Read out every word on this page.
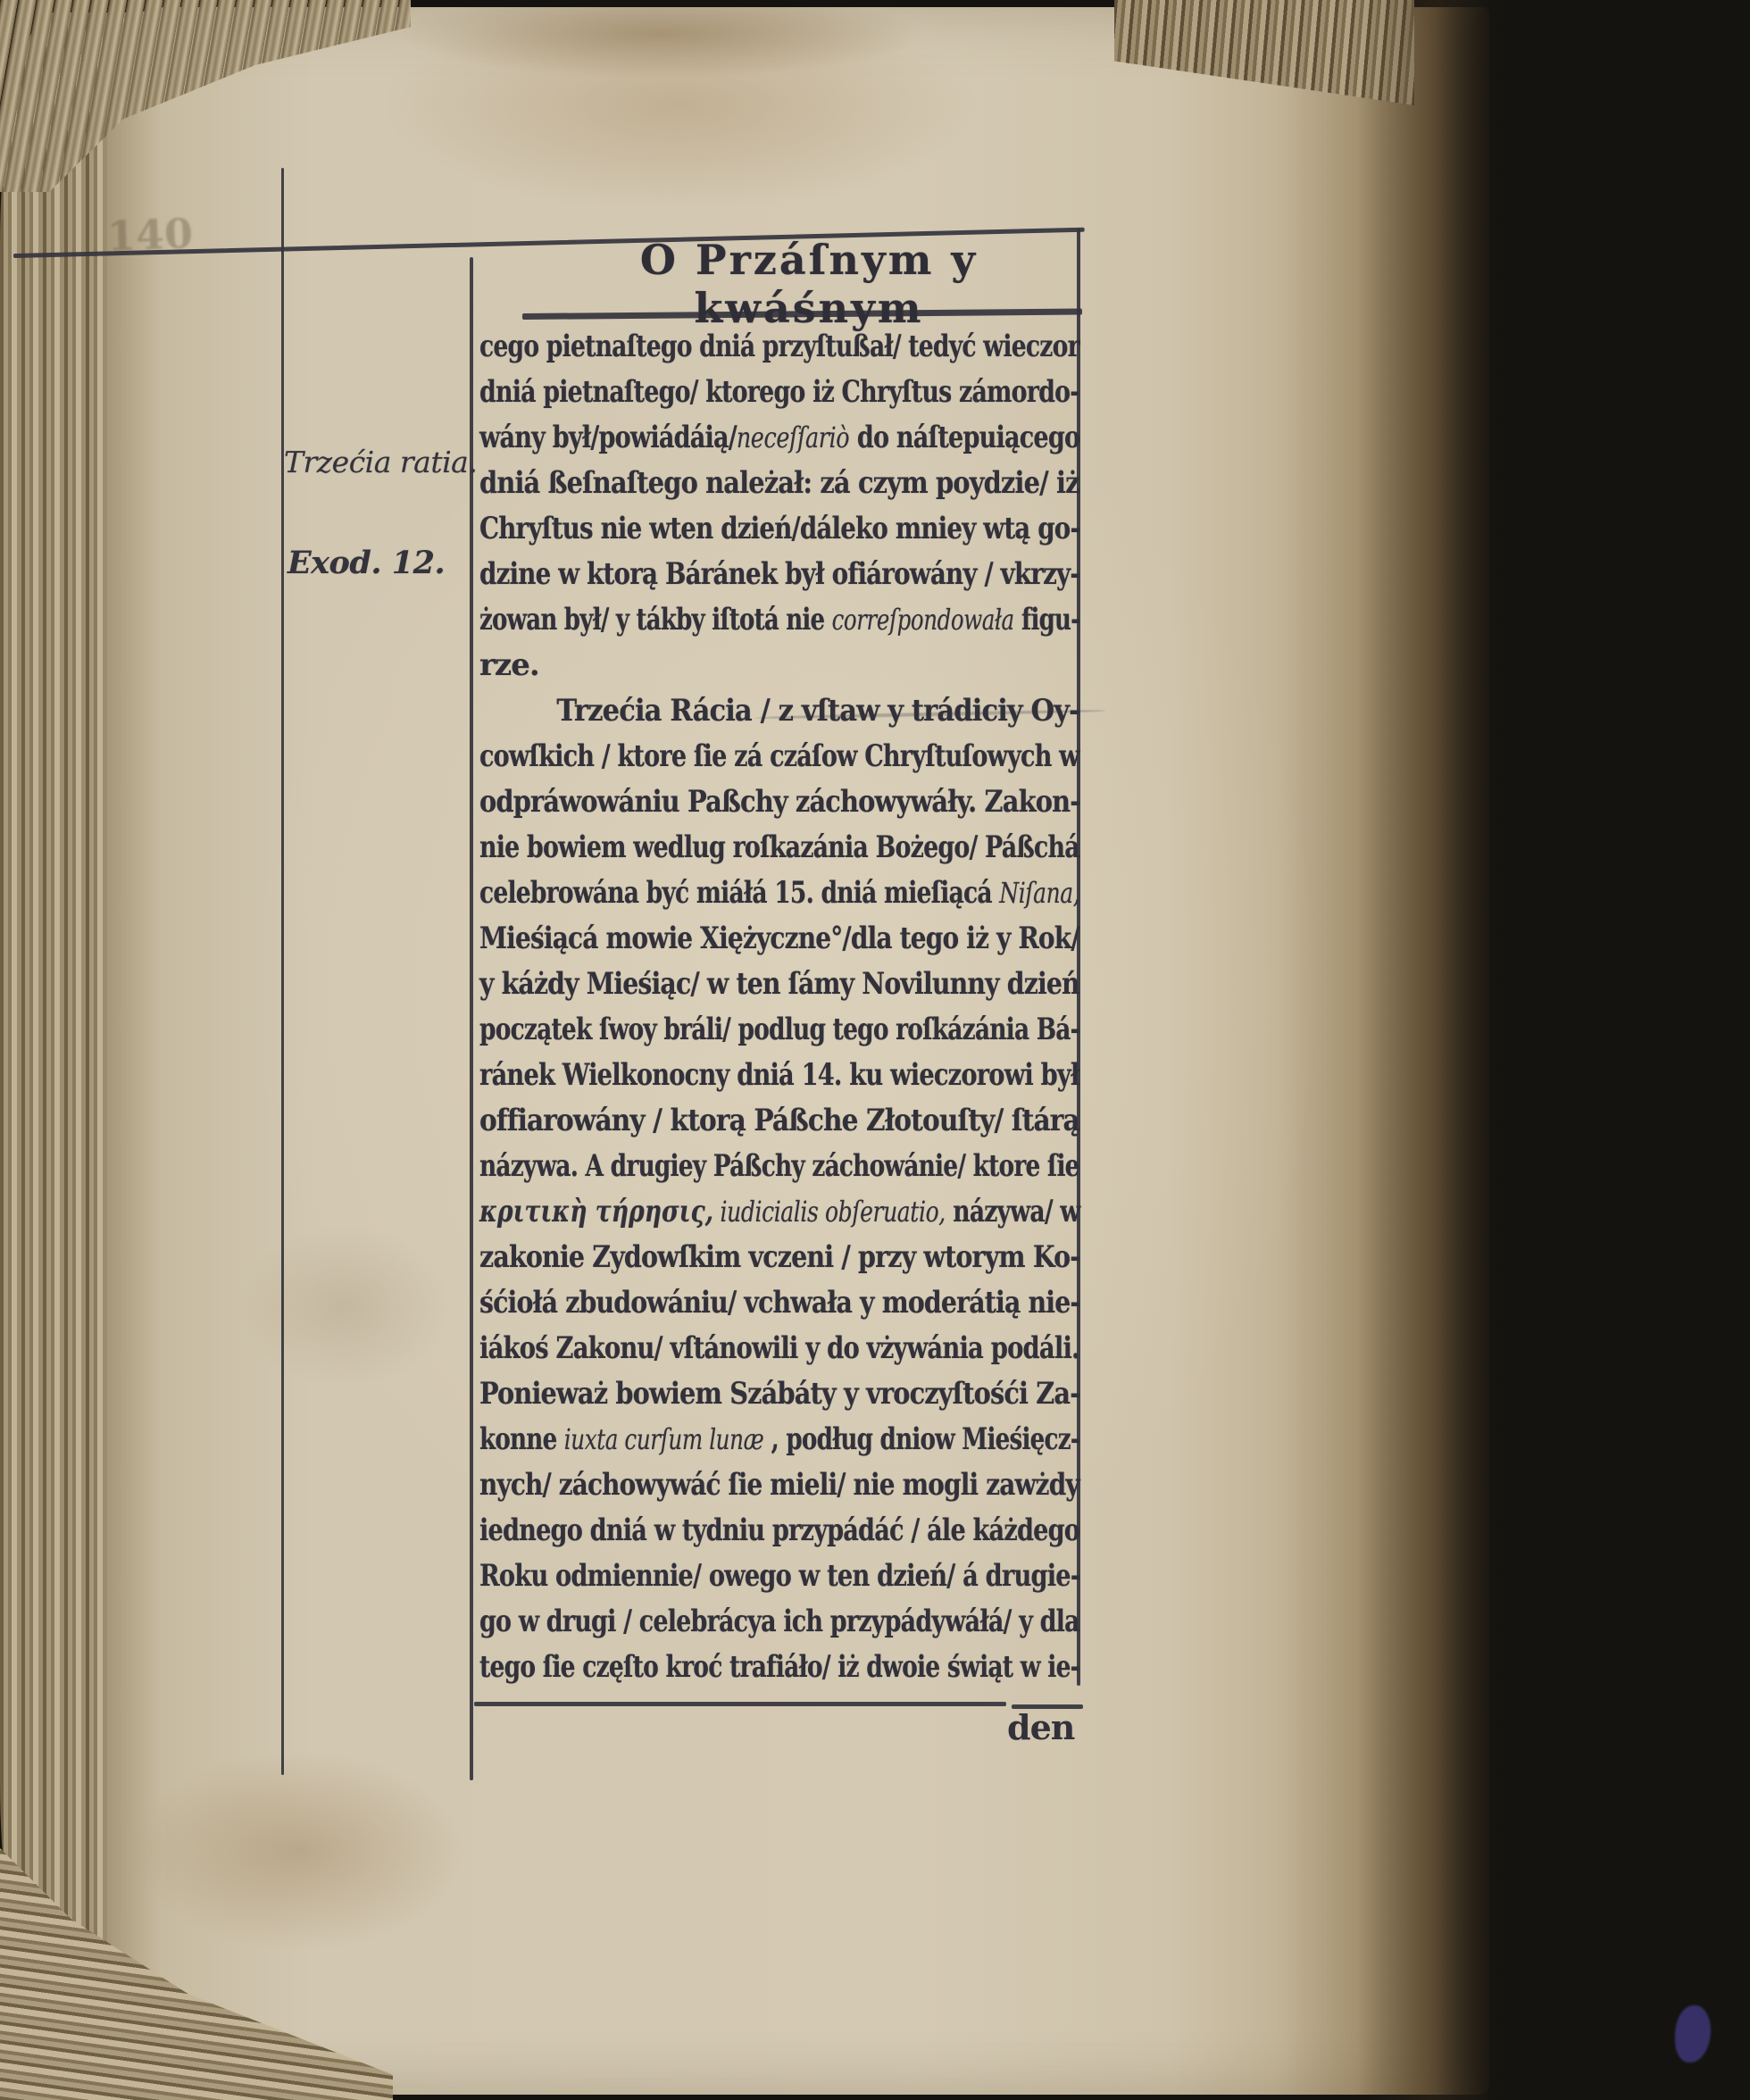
140	O Przáſnym y kwáśnym
Trzećia ratia.
Exod. 12.
cego pietnaſtego dniá przyſtußał/ tedyć wieczor
dniá pietnaſtego/ ktorego iż Chryſtus zámordo-
wány był/powiádáią/neceſſariò do náſtepuiącego
dniá ßeſnaſtego należał: zá czym poydzie/ iż
Chryſtus nie wten dzień/dáleko mniey wtą go-
dzine w ktorą Báránek był ofiárowány / vkrzy-
żowan był/ y tákby iſtotá nie correſpondowała figu-
rze.
Trzećia Rácia / z vſtaw y trádiciy Oy-
cowſkich / ktore ſie zá czáſow Chryſtuſowych w
odpráwowániu Paßchy záchowywáły. Zakon-
nie bowiem wedlug roſkazánia Bożego/ Páßchá
celebrowána być miáłá 15. dniá mieſiącá Niſana,
Mieśiącá mowie Xiężyczne°/dla tego iż y Rok/
y káżdy Mieśiąc/ w ten ſámy Novilunny dzień
początek ſwoy bráli/ podlug tego roſkázánia Bá-
ránek Wielkonocny dniá 14. ku wieczorowi był
offiarowány / ktorą Páßche Złotouſty/ ſtárą
názywa. A drugiey Páßchy záchowánie/ ktore ſie
κριτικὴ τήρησις, iudicialis obſeruatio, názywa/ w
zakonie Zydowſkim vczeni / przy wtorym Ko-
śćiołá zbudowániu/ vchwała y moderátią nie-
iákoś Zakonu/ vſtánowili y do vżywánia podáli.
Ponieważ bowiem Szábáty y vroczyſtośći Za-
konne iuxta curſum lunæ , podług dniow Mieśięcz-
nych/ záchowywáć ſie mieli/ nie mogli zawżdy
iednego dniá w tydniu przypádáć / ále káżdego
Roku odmiennie/ owego w ten dzień/ á drugie-
go w drugi / celebrácya ich przypádywáłá/ y dla
tego ſie częſto kroć trafiáło/ iż dwoie świąt w ie-
den
